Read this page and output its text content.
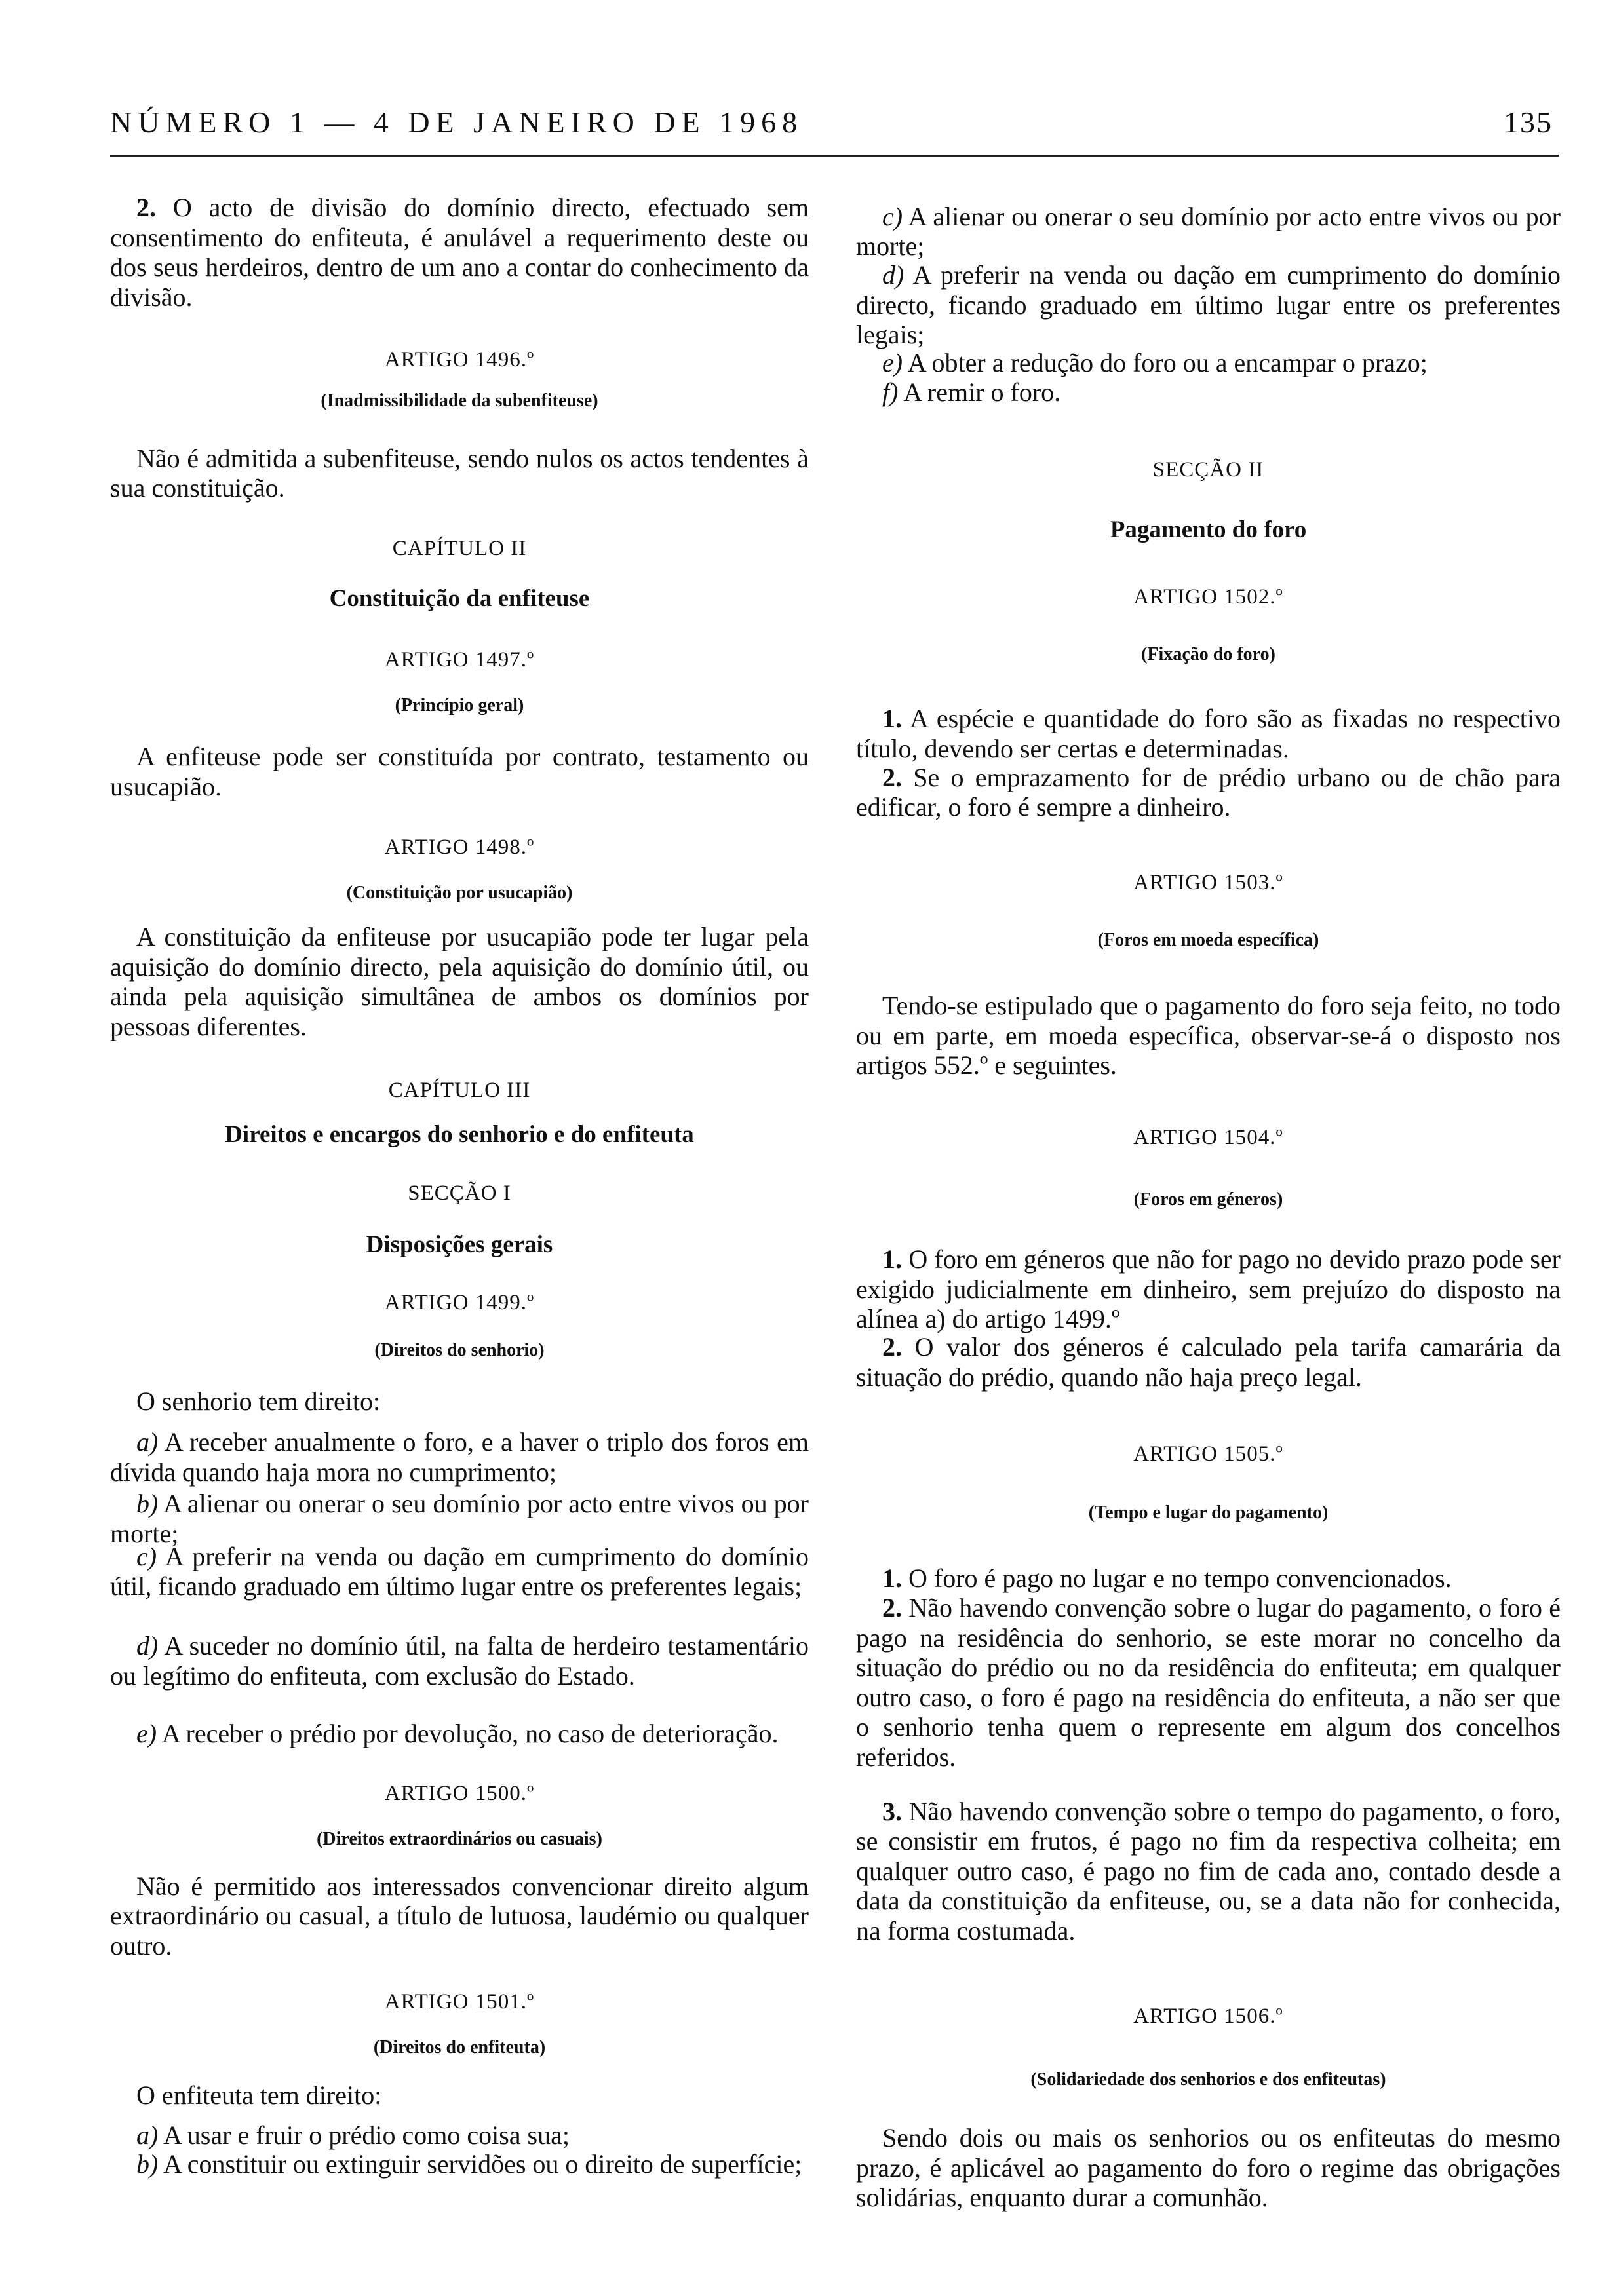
NÚMERO 1 — 4 DE JANEIRO DE 1968	135
2. O acto de divisão do domínio directo, efectuado sem consentimento do enfiteuta, é anulável a requerimento deste ou dos seus herdeiros, dentro de um ano a contar do conhecimento da divisão.
ARTIGO 1496.º
(Inadmissibilidade da subenfiteuse)
Não é admitida a subenfiteuse, sendo nulos os actos tendentes à sua constituição.
CAPÍTULO II
Constituição da enfiteuse
ARTIGO 1497.º
(Princípio geral)
A enfiteuse pode ser constituída por contrato, testamento ou usucapião.
ARTIGO 1498.º
(Constituição por usucapião)
A constituição da enfiteuse por usucapião pode ter lugar pela aquisição do domínio directo, pela aquisição do domínio útil, ou ainda pela aquisição simultânea de ambos os domínios por pessoas diferentes.
CAPÍTULO III
Direitos e encargos do senhorio e do enfiteuta
SECÇÃO I
Disposições gerais
ARTIGO 1499.º
(Direitos do senhorio)
O senhorio tem direito:
a) A receber anualmente o foro, e a haver o triplo dos foros em dívida quando haja mora no cumprimento;
b) A alienar ou onerar o seu domínio por acto entre vivos ou por morte;
c) A preferir na venda ou dação em cumprimento do domínio útil, ficando graduado em último lugar entre os preferentes legais;
d) A suceder no domínio útil, na falta de herdeiro testamentário ou legítimo do enfiteuta, com exclusão do Estado.
e) A receber o prédio por devolução, no caso de deterioração.
ARTIGO 1500.º
(Direitos extraordinários ou casuais)
Não é permitido aos interessados convencionar direito algum extraordinário ou casual, a título de lutuosa, laudémio ou qualquer outro.
ARTIGO 1501.º
(Direitos do enfiteuta)
O enfiteuta tem direito:
a) A usar e fruir o prédio como coisa sua;
b) A constituir ou extinguir servidões ou o direito de superfície;
c) A alienar ou onerar o seu domínio por acto entre vivos ou por morte;
d) A preferir na venda ou dação em cumprimento do domínio directo, ficando graduado em último lugar entre os preferentes legais;
e) A obter a redução do foro ou a encampar o prazo;
f) A remir o foro.
SECÇÃO II
Pagamento do foro
ARTIGO 1502.º
(Fixação do foro)
1. A espécie e quantidade do foro são as fixadas no respectivo título, devendo ser certas e determinadas.
2. Se o emprazamento for de prédio urbano ou de chão para edificar, o foro é sempre a dinheiro.
ARTIGO 1503.º
(Foros em moeda específica)
Tendo-se estipulado que o pagamento do foro seja feito, no todo ou em parte, em moeda específica, observar-se-á o disposto nos artigos 552.º e seguintes.
ARTIGO 1504.º
(Foros em géneros)
1. O foro em géneros que não for pago no devido prazo pode ser exigido judicialmente em dinheiro, sem prejuízo do disposto na alínea a) do artigo 1499.º
2. O valor dos géneros é calculado pela tarifa camarária da situação do prédio, quando não haja preço legal.
ARTIGO 1505.º
(Tempo e lugar do pagamento)
1. O foro é pago no lugar e no tempo convencionados.
2. Não havendo convenção sobre o lugar do pagamento, o foro é pago na residência do senhorio, se este morar no concelho da situação do prédio ou no da residência do enfiteuta; em qualquer outro caso, o foro é pago na residência do enfiteuta, a não ser que o senhorio tenha quem o represente em algum dos concelhos referidos.
3. Não havendo convenção sobre o tempo do pagamento, o foro, se consistir em frutos, é pago no fim da respectiva colheita; em qualquer outro caso, é pago no fim de cada ano, contado desde a data da constituição da enfiteuse, ou, se a data não for conhecida, na forma costumada.
ARTIGO 1506.º
(Solidariedade dos senhorios e dos enfiteutas)
Sendo dois ou mais os senhorios ou os enfiteutas do mesmo prazo, é aplicável ao pagamento do foro o regime das obrigações solidárias, enquanto durar a comunhão.
